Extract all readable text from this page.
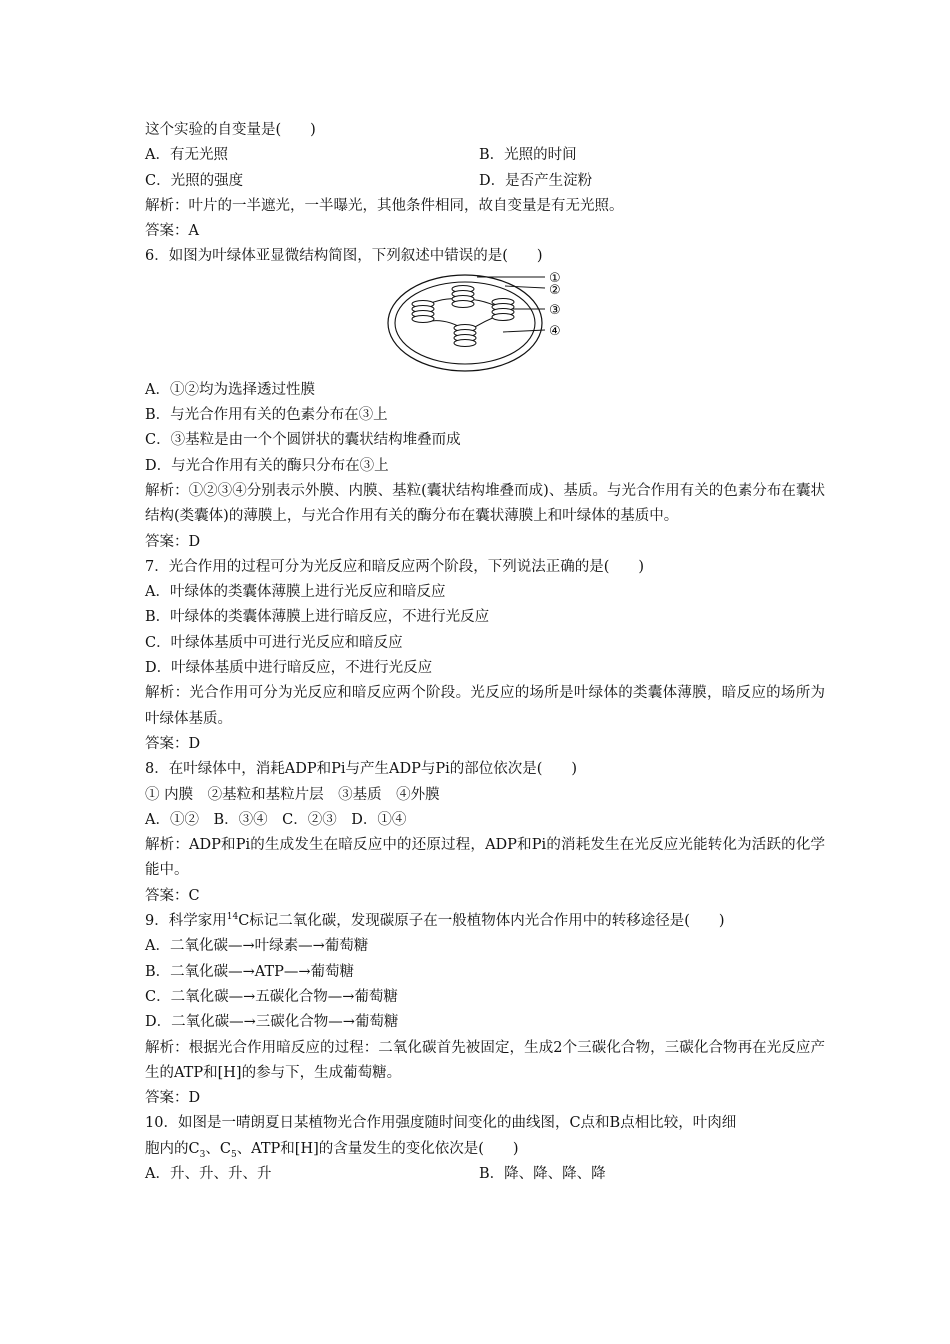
这个实验的自变量是(　　)
A．有无光照	B．光照的时间
C．光照的强度	D．是否产生淀粉
解析：叶片的一半遮光，一半曝光，其他条件相同，故自变量是有无光照。
答案：A
6．如图为叶绿体亚显微结构简图，下列叙述中错误的是(　　)
①
②
③
④
A．①②均为选择透过性膜
B．与光合作用有关的色素分布在③上
C．③基粒是由一个个圆饼状的囊状结构堆叠而成
D．与光合作用有关的酶只分布在③上
解析：①②③④分别表示外膜、内膜、基粒(囊状结构堆叠而成)、基质。与光合作用有关的色素分布在囊状结构(类囊体)的薄膜上，与光合作用有关的酶分布在囊状薄膜上和叶绿体的基质中。
答案：D
7．光合作用的过程可分为光反应和暗反应两个阶段，下列说法正确的是(　　)
A．叶绿体的类囊体薄膜上进行光反应和暗反应
B．叶绿体的类囊体薄膜上进行暗反应，不进行光反应
C．叶绿体基质中可进行光反应和暗反应
D．叶绿体基质中进行暗反应，不进行光反应
解析：光合作用可分为光反应和暗反应两个阶段。光反应的场所是叶绿体的类囊体薄膜，暗反应的场所为叶绿体基质。
答案：D
8．在叶绿体中，消耗ADP和Pi与产生ADP与Pi的部位依次是(　　)
① 内膜　②基粒和基粒片层　③基质　④外膜
A．①②　B．③④　C．②③　D．①④
解析：ADP和Pi的生成发生在暗反应中的还原过程，ADP和Pi的消耗发生在光反应光能转化为活跃的化学能中。
答案：C
9．科学家用$^{14}$C标记二氧化碳，发现碳原子在一般植物体内光合作用中的转移途径是(　　)
A．二氧化碳—→叶绿素—→葡萄糖
B．二氧化碳—→ATP—→葡萄糖
C．二氧化碳—→五碳化合物—→葡萄糖
D．二氧化碳—→三碳化合物—→葡萄糖
解析：根据光合作用暗反应的过程：二氧化碳首先被固定，生成2个三碳化合物，三碳化合物再在光反应产生的ATP和[H]的参与下，生成葡萄糖。
答案：D
10．如图是一晴朗夏日某植物光合作用强度随时间变化的曲线图，C点和B点相比较，叶肉细
胞内的$C_3$、$C_5$、ATP和[H]的含量发生的变化依次是(　　)
A．升、升、升、升	B．降、降、降、降
